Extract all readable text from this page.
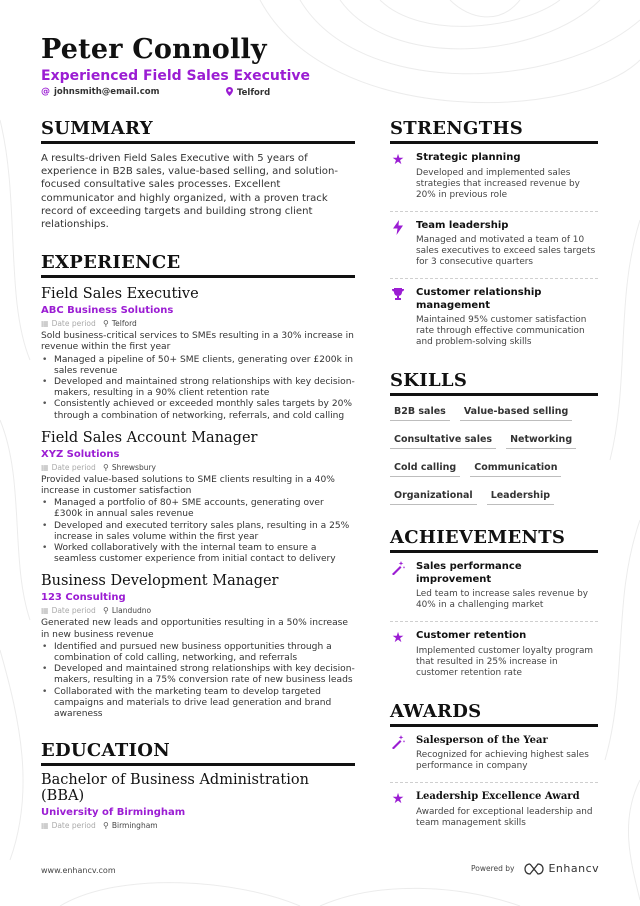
Peter Connolly
Experienced Field Sales Executive
@ johnsmith@email.com	Telford
SUMMARY
A results-driven Field Sales Executive with 5 years of experience in B2B sales, value-based selling, and solution-focused consultative sales processes. Excellent communicator and highly organized, with a proven track record of exceeding targets and building strong client relationships.
EXPERIENCE
Field Sales Executive
ABC Business Solutions
▦ Date period ⚲ Telford
Sold business-critical services to SMEs resulting in a 30% increase in revenue within the first year
• Managed a pipeline of 50+ SME clients, generating over £200k in sales revenue
• Developed and maintained strong relationships with key decision-makers, resulting in a 90% client retention rate
• Consistently achieved or exceeded monthly sales targets by 20% through a combination of networking, referrals, and cold calling
Field Sales Account Manager
XYZ Solutions
▦ Date period ⚲ Shrewsbury
Provided value-based solutions to SME clients resulting in a 40% increase in customer satisfaction
• Managed a portfolio of 80+ SME accounts, generating over £300k in annual sales revenue
• Developed and executed territory sales plans, resulting in a 25% increase in sales volume within the first year
• Worked collaboratively with the internal team to ensure a seamless customer experience from initial contact to delivery
Business Development Manager
123 Consulting
▦ Date period ⚲ Llandudno
Generated new leads and opportunities resulting in a 50% increase in new business revenue
• Identified and pursued new business opportunities through a combination of cold calling, networking, and referrals
• Developed and maintained strong relationships with key decision-makers, resulting in a 75% conversion rate of new business leads
• Collaborated with the marketing team to develop targeted campaigns and materials to drive lead generation and brand awareness
EDUCATION
Bachelor of Business Administration (BBA)
University of Birmingham
▦ Date period ⚲ Birmingham
STRENGTHS
★ Strategic planning
Developed and implemented sales strategies that increased revenue by 20% in previous role
Team leadership
Managed and motivated a team of 10 sales executives to exceed sales targets for 3 consecutive quarters
Customer relationship management
Maintained 95% customer satisfaction rate through effective communication and problem-solving skills
SKILLS
B2B sales	Value-based selling
Consultative sales	Networking
Cold calling	Communication
Organizational	Leadership
ACHIEVEMENTS
Sales performance improvement
Led team to increase sales revenue by 40% in a challenging market
★ Customer retention
Implemented customer loyalty program that resulted in 25% increase in customer retention rate
AWARDS
Salesperson of the Year
Recognized for achieving highest sales performance in company
★ Leadership Excellence Award
Awarded for exceptional leadership and team management skills
www.enhancv.com	Powered by	Enhancv
